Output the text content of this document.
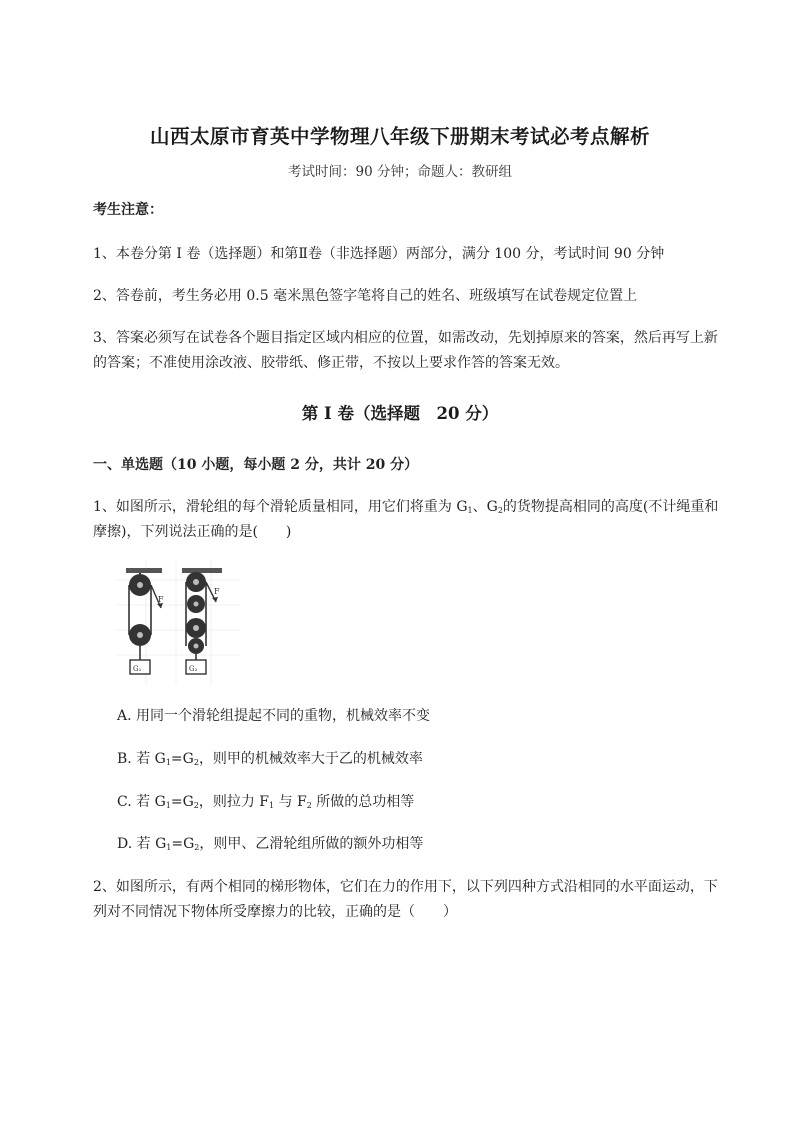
山西太原市育英中学物理八年级下册期末考试必考点解析
考试时间：90 分钟；命题人：教研组
考生注意：
1、本卷分第 I 卷（选择题）和第Ⅱ卷（非选择题）两部分，满分 100 分，考试时间 90 分钟
2、答卷前，考生务必用 0.5 毫米黑色签字笔将自己的姓名、班级填写在试卷规定位置上
3、答案必须写在试卷各个题目指定区域内相应的位置，如需改动，先划掉原来的答案，然后再写上新
的答案；不准使用涂改液、胶带纸、修正带，不按以上要求作答的答案无效。
第 I 卷（选择题　20 分）
一、单选题（10 小题，每小题 2 分，共计 20 分）
1、如图所示，滑轮组的每个滑轮质量相同，用它们将重为 $G_1$、$G_2$的货物提高相同的高度(不计绳重和
摩擦)，下列说法正确的是(　　)
F
G₁
F
G₂
A. 用同一个滑轮组提起不同的重物，机械效率不变
B. 若 $G_1=G_2$，则甲的机械效率大于乙的机械效率
C. 若 $G_1=G_2$，则拉力 $F_1$ 与 $F_2$ 所做的总功相等
D. 若 $G_1=G_2$，则甲、乙滑轮组所做的额外功相等
2、如图所示，有两个相同的梯形物体，它们在力的作用下，以下列四种方式沿相同的水平面运动，下
列对不同情况下物体所受摩擦力的比较，正确的是（　　）
